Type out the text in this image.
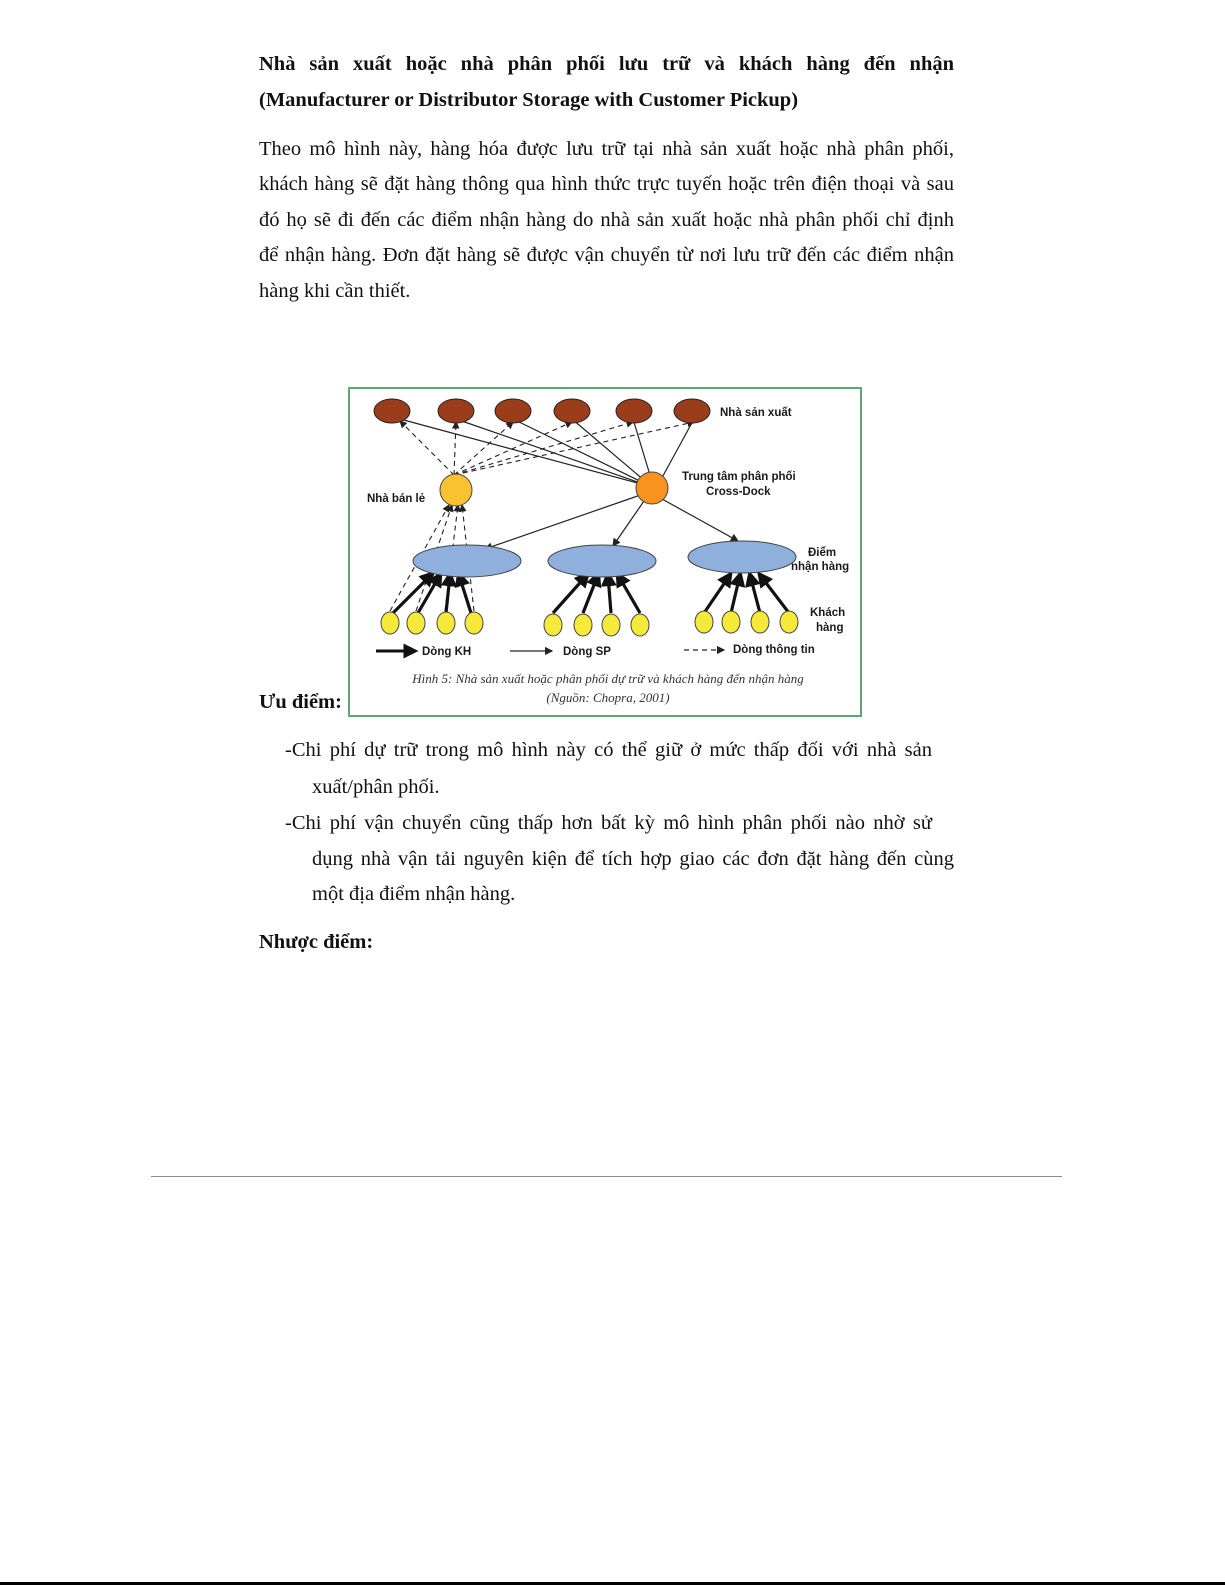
Nhà sản xuất hoặc nhà phân phối lưu trữ và khách hàng đến nhận
(Manufacturer or Distributor Storage with Customer Pickup)
Theo mô hình này, hàng hóa được lưu trữ tại nhà sản xuất hoặc nhà phân phối,
khách hàng sẽ đặt hàng thông qua hình thức trực tuyến hoặc trên điện thoại và sau
đó họ sẽ đi đến các điểm nhận hàng do nhà sản xuất hoặc nhà phân phối chỉ định
để nhận hàng. Đơn đặt hàng sẽ được vận chuyển từ nơi lưu trữ đến các điểm nhận
hàng khi cần thiết.
Ưu điểm:
-Chi phí dự trữ trong mô hình này có thể giữ ở mức thấp đối với nhà sản
xuất/phân phối.
-Chi phí vận chuyển cũng thấp hơn bất kỳ mô hình phân phối nào nhờ sử
dụng nhà vận tải nguyên kiện để tích hợp giao các đơn đặt hàng đến cùng
một địa điểm nhận hàng.
Nhược điểm:
Nhà sản xuất
Nhà bán lẻ
Trung tâm phân phối
Cross-Dock
Điểm
nhận hàng
Khách
hàng
Dòng KH	Dòng SP	Dòng thông tin
Hình 5: Nhà sản xuất hoặc phân phối dự trữ và khách hàng đến nhận hàng
(Nguồn: Chopra, 2001)
